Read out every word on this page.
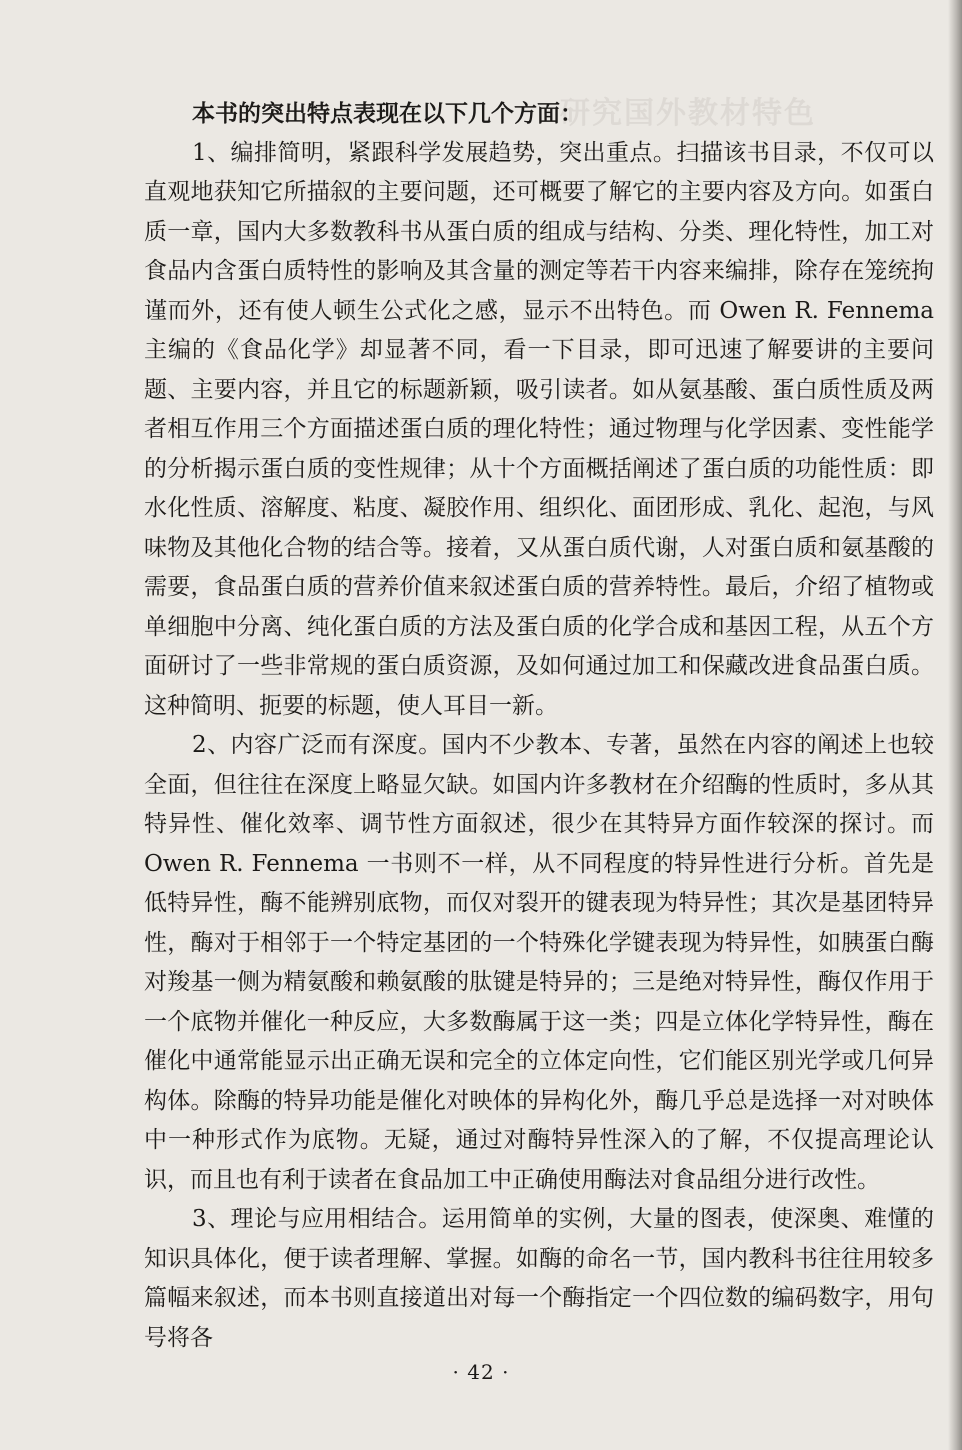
研究国外教材特色

本书的突出特点表现在以下几个方面：

1、编排简明，紧跟科学发展趋势，突出重点。扫描该书目录，不仅可以直观地获知它所描叙的主要问题，还可概要了解它的主要内容及方向。如蛋白质一章，国内大多数教科书从蛋白质的组成与结构、分类、理化特性，加工对食品内含蛋白质特性的影响及其含量的测定等若干内容来编排，除存在笼统拘谨而外，还有使人顿生公式化之感，显示不出特色。而 Owen R. Fennema 主编的《食品化学》却显著不同，看一下目录，即可迅速了解要讲的主要问题、主要内容，并且它的标题新颖，吸引读者。如从氨基酸、蛋白质性质及两者相互作用三个方面描述蛋白质的理化特性；通过物理与化学因素、变性能学的分析揭示蛋白质的变性规律；从十个方面概括阐述了蛋白质的功能性质：即水化性质、溶解度、粘度、凝胶作用、组织化、面团形成、乳化、起泡，与风味物及其他化合物的结合等。接着，又从蛋白质代谢，人对蛋白质和氨基酸的需要，食品蛋白质的营养价值来叙述蛋白质的营养特性。最后，介绍了植物或单细胞中分离、纯化蛋白质的方法及蛋白质的化学合成和基因工程，从五个方面研讨了一些非常规的蛋白质资源，及如何通过加工和保藏改进食品蛋白质。这种简明、扼要的标题，使人耳目一新。

2、内容广泛而有深度。国内不少教本、专著，虽然在内容的阐述上也较全面，但往往在深度上略显欠缺。如国内许多教材在介绍酶的性质时，多从其特异性、催化效率、调节性方面叙述，很少在其特异方面作较深的探讨。而 Owen R. Fennema 一书则不一样，从不同程度的特异性进行分析。首先是低特异性，酶不能辨别底物，而仅对裂开的键表现为特异性；其次是基团特异性，酶对于相邻于一个特定基团的一个特殊化学键表现为特异性，如胰蛋白酶对羧基一侧为精氨酸和赖氨酸的肽键是特异的；三是绝对特异性，酶仅作用于一个底物并催化一种反应，大多数酶属于这一类；四是立体化学特异性，酶在催化中通常能显示出正确无误和完全的立体定向性，它们能区别光学或几何异构体。除酶的特异功能是催化对映体的异构化外，酶几乎总是选择一对对映体中一种形式作为底物。无疑，通过对酶特异性深入的了解，不仅提高理论认识，而且也有利于读者在食品加工中正确使用酶法对食品组分进行改性。

3、理论与应用相结合。运用简单的实例，大量的图表，使深奥、难懂的知识具体化，便于读者理解、掌握。如酶的命名一节，国内教科书往往用较多篇幅来叙述，而本书则直接道出对每一个酶指定一个四位数的编码数字，用句号将各

· 42 ·
